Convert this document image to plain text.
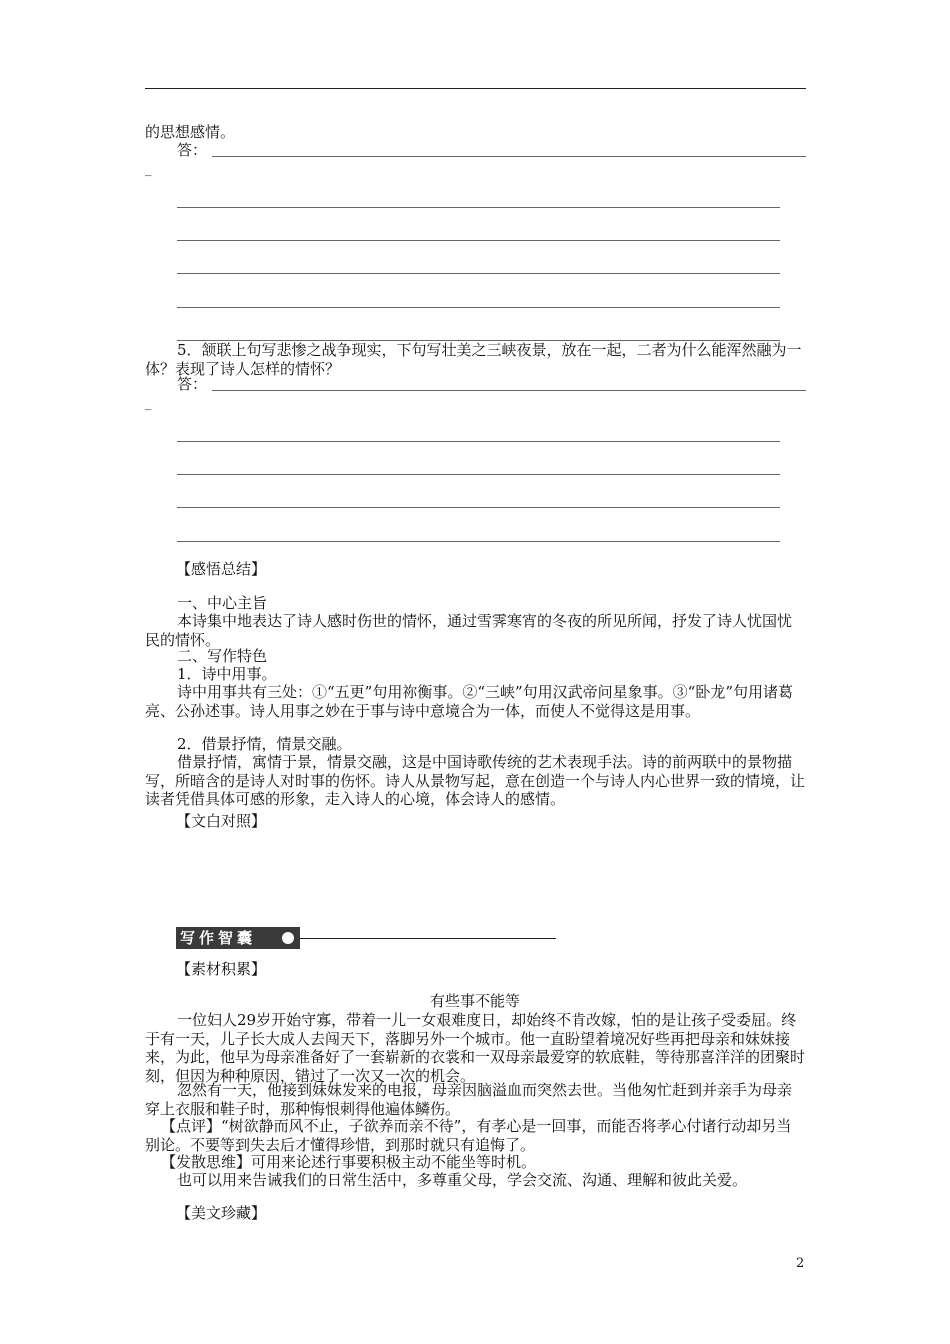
的思想感情。
答：
_

5．颔联上句写悲惨之战争现实，下句写壮美之三峡夜景，放在一起，二者为什么能浑然融为一体？表现了诗人怎样的情怀？

答：
_
【感悟总结】
一、中心主旨

本诗集中地表达了诗人感时伤世的情怀，通过雪霁寒宵的冬夜的所见所闻，抒发了诗人忧国忧民的情怀。

二、写作特色
1．诗中用事。

诗中用事共有三处：①“五更”句用祢衡事。②“三峡”句用汉武帝问星象事。③“卧龙”句用诸葛亮、公孙述事。诗人用事之妙在于事与诗中意境合为一体，而使人不觉得这是用事。

2．借景抒情，情景交融。

借景抒情，寓情于景，情景交融，这是中国诗歌传统的艺术表现手法。诗的前两联中的景物描写，所暗含的是诗人对时事的伤怀。诗人从景物写起，意在创造一个与诗人内心世界一致的情境，让读者凭借具体可感的形象，走入诗人的心境，体会诗人的感情。

【文白对照】
写作智囊
【素材积累】
有些事不能等

一位妇人29岁开始守寡，带着一儿一女艰难度日，却始终不肯改嫁，怕的是让孩子受委屈。终于有一天，儿子长大成人去闯天下，落脚另外一个城市。他一直盼望着境况好些再把母亲和妹妹接来，为此，他早为母亲准备好了一套崭新的衣裳和一双母亲最爱穿的软底鞋，等待那喜洋洋的团聚时刻，但因为种种原因，错过了一次又一次的机会。

忽然有一天，他接到妹妹发来的电报，母亲因脑溢血而突然去世。当他匆忙赶到并亲手为母亲穿上衣服和鞋子时，那种悔恨刺得他遍体鳞伤。

【点评】“树欲静而风不止，子欲养而亲不待”，有孝心是一回事，而能否将孝心付诸行动却另当别论。不要等到失去后才懂得珍惜，到那时就只有追悔了。

【发散思维】可用来论述行事要积极主动不能坐等时机。

也可以用来告诫我们的日常生活中，多尊重父母，学会交流、沟通、理解和彼此关爱。

【美文珍藏】
2
